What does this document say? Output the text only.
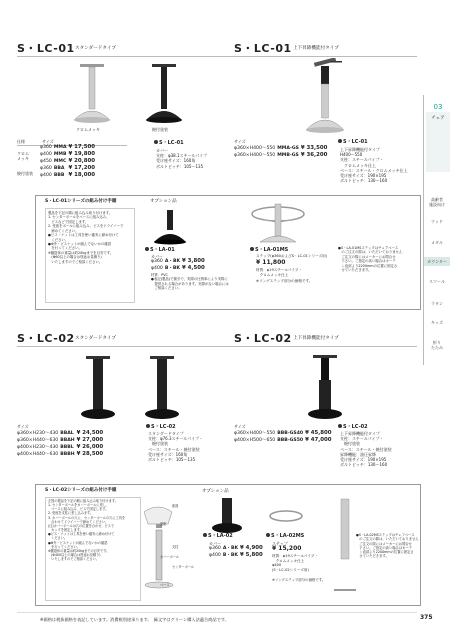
03
チェア
高齢者
施設向け
ウッド
メタル
カウンター
スツール
ラタン
キッズ
折り
たたみ
S・LC-01 スタンダードタイプ	S・LC-01 上下昇降機能付タイプ
クロムメッキ	焼付塗装
仕様	サイズ
クロム
メッキ
焼付塗装
φ360	MMA	¥ 17,500
φ400	MMB	¥ 19,800
φ450	MMC	¥ 20,800
φ360	BBA	¥ 17,200
φ400	BBB	¥ 18,000
S・LC-01
カバー
支柱：φ38.1スチールパイプ
受け座サイズ：160角
ボルトピッチ：105～135
サイズ
φ360×H400～550	MMA-GS	¥ 33,500
φ360×H400～550	MMB-GS	¥ 36,200
S・LC-01
上下昇降機能付タイプ
H400～550
支柱：スチールパイプ・
　クロムメッキ仕上
ベース：スチール・クロムメッキ仕上
受け座サイズ：190×195
ボルトピッチ：130～160
S・LC-01シリーズの組み付け手順
製品を下記の順に組み込み取り付けます。
1. センターボールをベースに組み込み、
　ビスなどで固定します。
2. 受座をボールに組み込み、ビスをドライバーで
　締めてください。
●ビス・ナットは工具を使い確実に締め付けて
　ください。
●Φ外・ビスナットが緩んでないかの確認
　を行ってください。
※腰掛体の重量は約20kgまでを目安です。
　(Φ60以上の場合は別途お見積り)
　いたしますのでご相談ください。
オプション品
S・LA-01
カバー
φ360	A・BK	¥ 3,800
φ400	B・BK	¥ 4,500
材質：PVC
●表記(製品)で割引で、実際の比例率により実際に
　提供される場合があります。実際がない場合には
　ご相談ください。
S・LA-01MS
ステップ(φ360およびS・LC-01シリーズ用)
¥ 11,800
材質：φ19スチールパイプ・
　クロムメッキ仕上
※リングステップ部分の価格です。
●S・LA-01MSステップはチェアベース
　のご注文の際は、いただいておりません
　ご注文の際にはメーカーにお問合せ
　下さい。ご指定の高い場合はカーテ
　ン直部より2200mmの位置に固定さ
　せていただきます。
S・LC-02 スタンダードタイプ	S・LC-02 上下昇降機能付タイプ
サイズ
φ360×H230～430	BBAL	¥ 24,500
φ360×H440～630	BBAH	¥ 27,000
φ400×H230～430	BBBL	¥ 26,000
φ400×H440～630	BBBH	¥ 28,500
S・LC-02
スタンダードタイプ
支柱：φ76.3スチールパイプ・
　焼付塗装
ベース：スチール・焼付塗装
受け座サイズ：160角
ボルトピッチ：105～135
サイズ
φ360×H400～550	BBB-GS40	¥ 45,800
φ400×H500～650	BBB-GS50	¥ 47,000
S・LC-02
上下昇降機能付タイプ
支柱：スチールパイプ・
　焼付塗装
ベース：スチール・焼付塗装
昇降機能：油圧昇降
受け座サイズ：190×195
ボルトピッチ：130～160
S・LC-02シリーズの組み付け手順
左図の製品を下記の順に組み込み取り付けます。
1. センターボールをカバーボールに差し、
　ベースに組み込み、ビスで固定します。
2. 受座を支柱に差し込みます。
3. カバーボールの穴に、センターボールの穴に工具を
　合わせてドライバーで締めてください。
(注)カバーボールは穴の位置を合わせ、ビスで
　カップを固定します。
●ビス・ナットは工具を使い確実に締め付けて
　ください。
●Φ外・ビスナットが緩んでないかの確認
　を行ってください。
※腰掛体の重量は約20kgまでの目安です。
　(Φ400以上の場合は別途お見積り)
　いたしますのでご相談ください。
座面
受座
支柱
カバーボール
センターボール
ベース
オプション品
S・LA-02
カバー
φ360	A・BK	¥ 4,900
φ400	B・BK	¥ 5,800
S・LA-02MS
ステップ
¥ 15,200
材質：φ19スチールパイプ・
　クロムメッキ仕上
φ400
(S・LC-02シリーズ用)
※リングステップ部分の価格です。
●S・LA-02MSステップはチェアベース
　のご注文の際は、いただいておりません
　ご注文の際にはメーカーにお問合せ
　下さい。ご指定の高い場合はカーテ
　ン直部より2200mmの位置に固定さ
　せていただきます。
※価格は税抜価格を表記しています。消費税別途承ります。　緑文字はグリーン購入法適合商品です。	375
